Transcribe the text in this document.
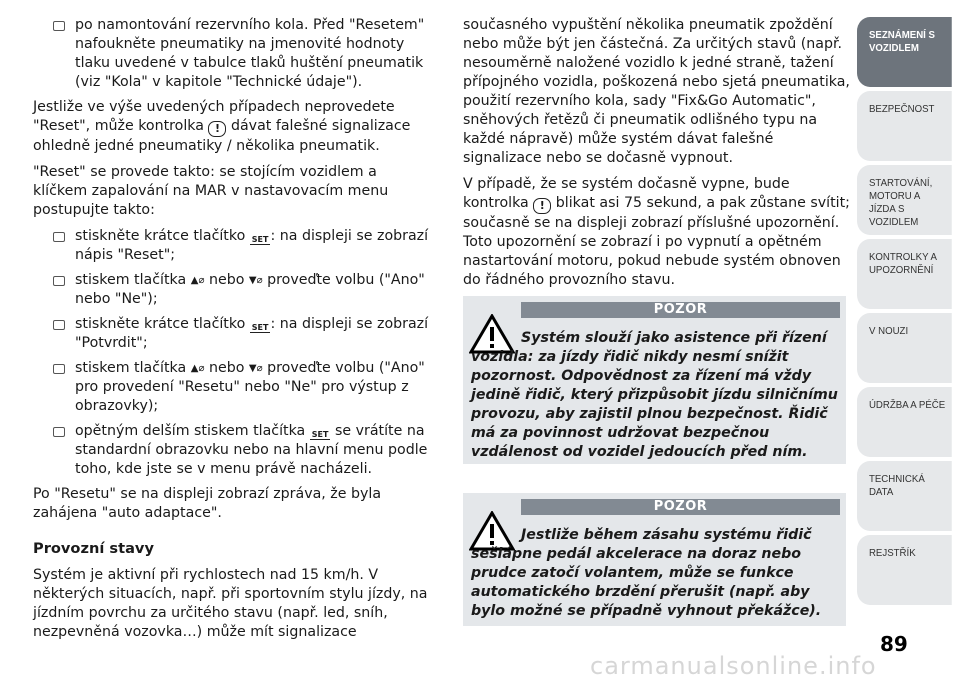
po namontování rezervního kola. Před "Resetem" nafoukněte pneumatiky na jmenovité hodnoty tlaku uvedené v tabulce tlaků huštění pneumatik (viz "Kola" v kapitole "Technické údaje").

Jestliže ve výše uvedených případech neprovedete "Reset", může kontrolka ! dávat falešné signalizace ohledně jedné pneumatiky / několika pneumatik.

"Reset" se provede takto: se stojícím vozidlem a klíčkem zapalování na MAR v nastavovacím menu postupujte takto:

stiskněte krátce tlačítko SET : na displeji se zobrazí nápis "Reset";
stiskem tlačítka ▲⌀ nebo ▼⌀ proveďte volbu ("Ano" nebo "Ne");
stiskněte krátce tlačítko SET : na displeji se zobrazí "Potvrdit";
stiskem tlačítka ▲⌀ nebo ▼⌀ proveďte volbu ("Ano" pro provedení "Resetu" nebo "Ne" pro výstup z obrazovky);
opětným delším stiskem tlačítka SET se vrátíte na standardní obrazovku nebo na hlavní menu podle toho, kde jste se v menu právě nacházeli.

Po "Resetu" se na displeji zobrazí zpráva, že byla zahájena "auto adaptace".

Provozní stavy

Systém je aktivní při rychlostech nad 15 km/h. V některých situacích, např. při sportovním stylu jízdy, na jízdním povrchu za určitého stavu (např. led, sníh, nezpevněná vozovka…) může mít signalizace

současného vypuštění několika pneumatik zpoždění nebo může být jen částečná. Za určitých stavů (např. nesouměrně naložené vozidlo k jedné straně, tažení přípojného vozidla, poškozená nebo sjetá pneumatika, použití rezervního kola, sady "Fix&Go Automatic", sněhových řetězů či pneumatik odlišného typu na každé nápravě) může systém dávat falešné signalizace nebo se dočasně vypnout.

V případě, že se systém dočasně vypne, bude kontrolka ! blikat asi 75 sekund, a pak zůstane svítit; současně se na displeji zobrazí příslušné upozornění. Toto upozornění se zobrazí i po vypnutí a opětném nastartování motoru, pokud nebude systém obnoven do řádného provozního stavu.

POZOR
Systém slouží jako asistence při řízení vozidla: za jízdy řidič nikdy nesmí snížit pozornost. Odpovědnost za řízení má vždy jedině řidič, který přizpůsobit jízdu silničnímu provozu, aby zajistil plnou bezpečnost. Řidič má za povinnost udržovat bezpečnou vzdálenost od vozidel jedoucích před ním.
POZOR
Jestliže během zásahu systému řidič sešlápne pedál akcelerace na doraz nebo prudce zatočí volantem, může se funkce automatického brzdění přerušit (např. aby bylo možné se případně vyhnout překážce).
SEZNÁMENÍ S VOZIDLEM
BEZPEČNOST
STARTOVÁNÍ, MOTORU A JÍZDA S VOZIDLEM
KONTROLKY A UPOZORNĚNÍ
V NOUZI
ÚDRŽBA A PÉČE
TECHNICKÁ DATA
REJSTŘÍK
89
carmanualsonline.info
